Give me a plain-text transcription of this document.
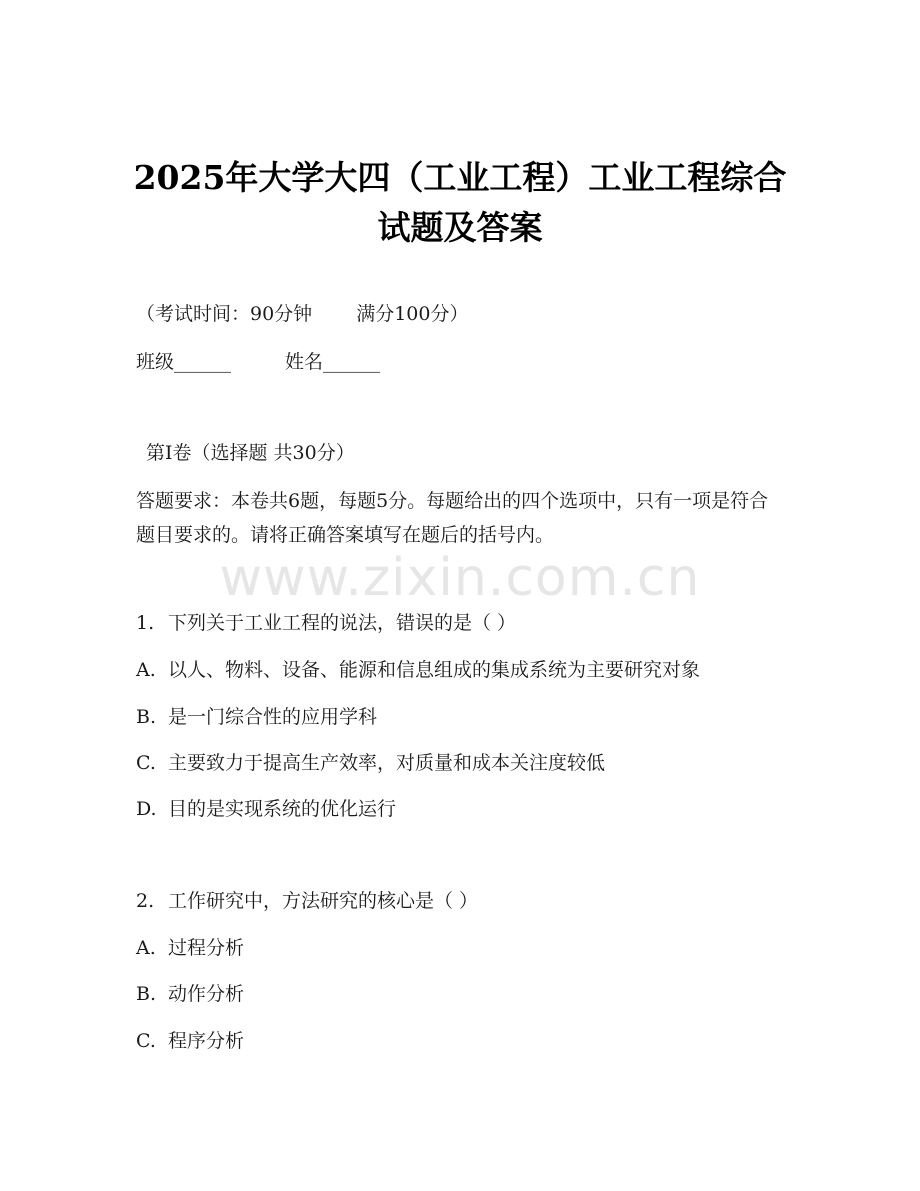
2025年大学大四（工业工程）工业工程综合
试题及答案
（考试时间：90分钟 满分100分）
班级______	姓名______
第Ⅰ卷（选择题 共30分）
答题要求：本卷共6题，每题5分。每题给出的四个选项中，只有一项是符合题目要求的。请将正确答案填写在题后的括号内。
www.zixin.com.cn
1. 下列关于工业工程的说法，错误的是（ ）
A. 以人、物料、设备、能源和信息组成的集成系统为主要研究对象
B. 是一门综合性的应用学科
C. 主要致力于提高生产效率，对质量和成本关注度较低
D. 目的是实现系统的优化运行
2. 工作研究中，方法研究的核心是（ ）
A. 过程分析
B. 动作分析
C. 程序分析
